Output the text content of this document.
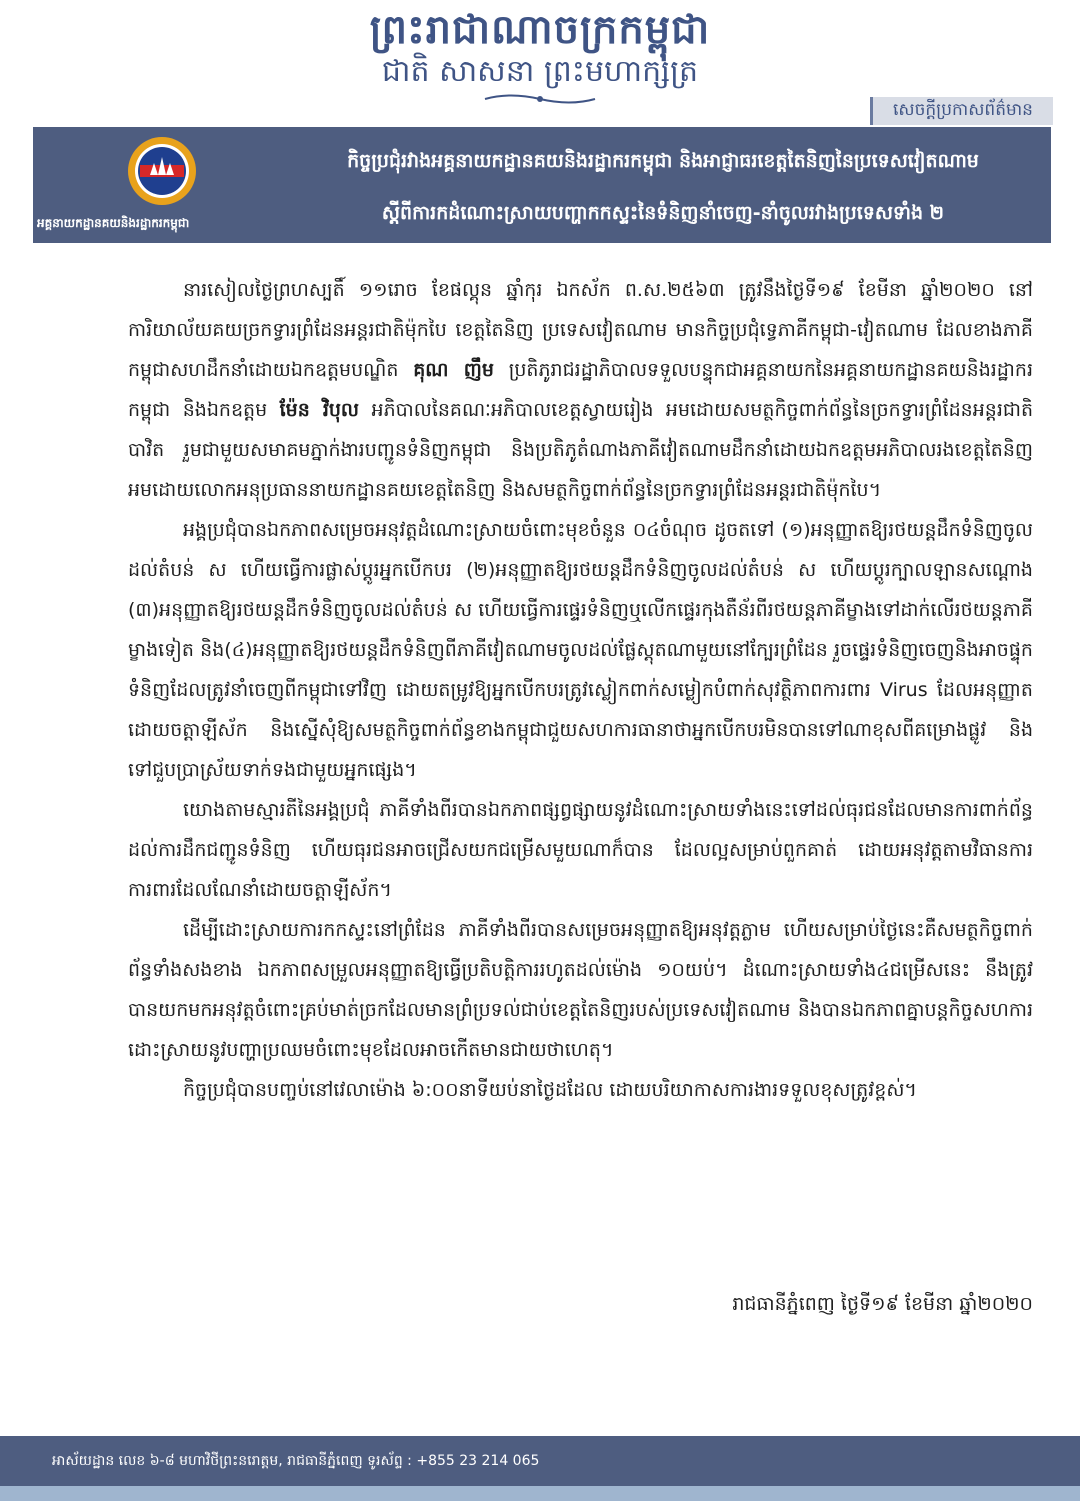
ព្រះរាជាណាចក្រកម្ពុជា
ជាតិ សាសនា ព្រះមហាក្សត្រ
សេចក្តីប្រកាសព័ត៌មាន
អគ្គនាយកដ្ឋានគយនិងរដ្ឋាករកម្ពុជា
កិច្ចប្រជុំរវាងអគ្គនាយកដ្ឋានគយនិងរដ្ឋាករកម្ពុជា និងអាជ្ញាធរខេត្តតៃនិញនៃប្រទេសវៀតណាម
ស្តីពីការកដំណោះស្រាយបញ្ហាកកស្ទះនៃទំនិញនាំចេញ-នាំចូលរវាងប្រទេសទាំង ២

នារសៀលថ្ងៃព្រហស្បតិ៍ ១១រោច ខែផល្គុន ឆ្នាំកុរ ឯកស័ក ព.ស.២៥៦៣ ត្រូវនឹងថ្ងៃទី១៩ ខែមីនា ឆ្នាំ២០២០ នៅការិយាល័យគយច្រកទ្វារព្រំដែនអន្តរជាតិម៉ុកបៃ ខេត្តតៃនិញ ប្រទេសវៀតណាម មានកិច្ចប្រជុំទ្វេភាគីកម្ពុជា-វៀតណាម ដែលខាងភាគីកម្ពុជាសហដឹកនាំដោយឯកឧត្តមបណ្ឌិត គុណ ញឹម ប្រតិភូរាជរដ្ឋាភិបាលទទួលបន្ទុកជាអគ្គនាយកនៃអគ្គនាយកដ្ឋានគយនិងរដ្ឋាករកម្ពុជា និងឯកឧត្តម ម៉ែន វិបុល អភិបាលនៃគណៈអភិបាលខេត្តស្វាយរៀង អមដោយសមត្ថកិច្ចពាក់ព័ន្ធនៃច្រកទ្វារព្រំដែនអន្តរជាតិបាវិត រួមជាមួយសមាគមភ្នាក់ងារបញ្ជូនទំនិញកម្ពុជា និងប្រតិភូតំណាងភាគីវៀតណាមដឹកនាំដោយឯកឧត្តមអភិបាលរងខេត្តតៃនិញ អមដោយលោកអនុប្រធាននាយកដ្ឋានគយខេត្តតៃនិញ និងសមត្ថកិច្ចពាក់ព័ន្ធនៃច្រកទ្វារព្រំដែនអន្តរជាតិម៉ុកបៃ។

អង្គប្រជុំបានឯកភាពសម្រេចអនុវត្តដំណោះស្រាយចំពោះមុខចំនួន ០៤ចំណុច ដូចតទៅ (១)អនុញ្ញាតឱ្យរថយន្តដឹកទំនិញចូលដល់តំបន់ ស ហើយធ្វើការផ្លាស់ប្តូរអ្នកបើកបរ (២)អនុញ្ញាតឱ្យរថយន្តដឹកទំនិញចូលដល់តំបន់ ស ហើយប្តូរក្បាលឡានសណ្តោង (៣)អនុញ្ញាតឱ្យរថយន្តដឹកទំនិញចូលដល់តំបន់ ស ហើយធ្វើការផ្ទេរទំនិញឬលើកផ្ទេរកុងតឺន័រពីរថយន្តភាគីម្ខាងទៅដាក់លើរថយន្តភាគីម្ខាងទៀត និង(៤)អនុញ្ញាតឱ្យរថយន្តដឹកទំនិញពីភាគីវៀតណាមចូលដល់ផ្លែស្តុតណាមួយនៅក្បែរព្រំដែន រួចផ្ទេរទំនិញចេញនិងអាចផ្ទុកទំនិញដែលត្រូវនាំចេញពីកម្ពុជាទៅវិញ ដោយតម្រូវឱ្យអ្នកបើកបរត្រូវស្លៀកពាក់សម្លៀកបំពាក់សុវត្ថិភាពការពារ Virus ដែលអនុញ្ញាតដោយចត្តាឡីស័ក និងស្នើសុំឱ្យសមត្ថកិច្ចពាក់ព័ន្ធខាងកម្ពុជាជួយសហការធានាថាអ្នកបើកបរមិនបានទៅណាខុសពីគម្រោងផ្លូវ និងទៅជួបប្រាស្រ័យទាក់ទងជាមួយអ្នកផ្សេង។

យោងតាមស្មារតីនៃអង្គប្រជុំ ភាគីទាំងពីរបានឯកភាពផ្សព្វផ្សាយនូវដំណោះស្រាយទាំងនេះទៅដល់ធុរជនដែលមានការពាក់ព័ន្ធដល់ការដឹកជញ្ជូនទំនិញ ហើយធុរជនអាចជ្រើសយកជម្រើសមួយណាក៏បាន ដែលល្អសម្រាប់ពួកគាត់ ដោយអនុវត្តតាមវិធានការការពារដែលណែនាំដោយចត្តាឡីស័ក។

ដើម្បីដោះស្រាយការកកស្ទះនៅព្រំដែន ភាគីទាំងពីរបានសម្រេចអនុញ្ញាតឱ្យអនុវត្តភ្លាម ហើយសម្រាប់ថ្ងៃនេះគឺសមត្ថកិច្ចពាក់ព័ន្ធទាំងសងខាង ឯកភាពសម្រួលអនុញ្ញាតឱ្យធ្វើប្រតិបត្តិការរហូតដល់ម៉ោង ១០យប់។ ដំណោះស្រាយទាំង៤ជម្រើសនេះ នឹងត្រូវបានយកមកអនុវត្តចំពោះគ្រប់មាត់ច្រកដែលមានព្រំប្រទល់ជាប់ខេត្តតៃនិញរបស់ប្រទេសវៀតណាម និងបានឯកភាពគ្នាបន្តកិច្ចសហការដោះស្រាយនូវបញ្ហាប្រឈមចំពោះមុខដែលអាចកើតមានជាយថាហេតុ។

កិច្ចប្រជុំបានបញ្ចប់នៅវេលាម៉ោង ៦:០០នាទីយប់នាថ្ងៃដដែល ដោយបរិយាកាសការងារទទួលខុសត្រូវខ្ពស់។

រាជធានីភ្នំពេញ ថ្ងៃទី១៩ ខែមីនា ឆ្នាំ២០២០
អាស័យដ្ឋាន លេខ ៦-៨ មហាវិថីព្រះនរោត្តម, រាជធានីភ្នំពេញ ទូរស័ព្ទ : +855 23 214 065
